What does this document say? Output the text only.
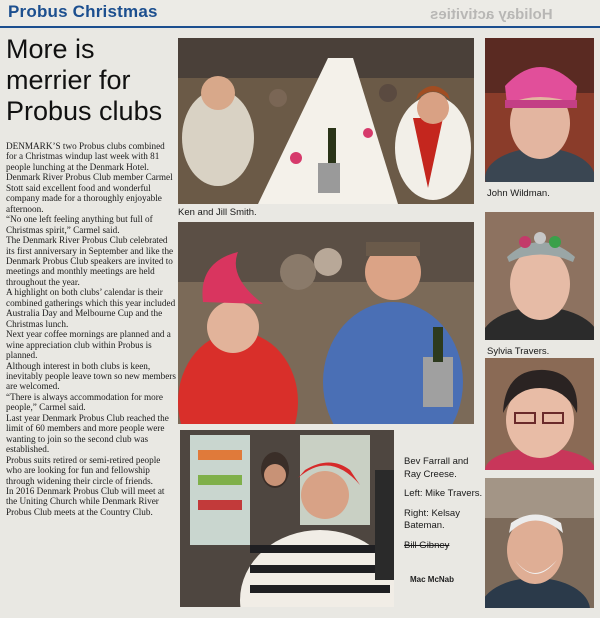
Probus Christmas	Holiday activities
More is merrier for Probus clubs

DENMARK’S two Probus clubs combined for a Christmas windup last week with 81 people lunching at the Denmark Hotel.

Denmark River Probus Club member Carmel Stott said excellent food and wonderful company made for a thoroughly enjoyable afternoon.

“No one left feeling anything but full of Christmas spirit,” Carmel said.

The Denmark River Probus Club celebrated its first anniversary in September and like the Denmark Probus Club speakers are invited to meetings and monthly meetings are held throughout the year.

A highlight on both clubs’ calendar is their combined gatherings which this year included Australia Day and Melbourne Cup and the Christmas lunch.

Next year coffee mornings are planned and a wine appreciation club within Probus is planned.

Although interest in both clubs is keen, inevitably people leave town so new members are welcomed.

“There is always accommodation for more people,” Carmel said.

Last year Denmark Probus Club reached the limit of 60 members and more people were wanting to join so the second club was established.

Probus suits retired or semi-retired people who are looking for fun and fellowship through widening their circle of friends.

In 2016 Denmark Probus Club will meet at the Uniting Church while Denmark River Probus Club meets at the Country Club.

Ken and Jill Smith.
John Wildman.
Sylvia Travers.

Bev Farrall and Ray Creese.

Left: Mike Travers.

Right: Kelsay Bateman.

Bill Gibney

Mac McNab
